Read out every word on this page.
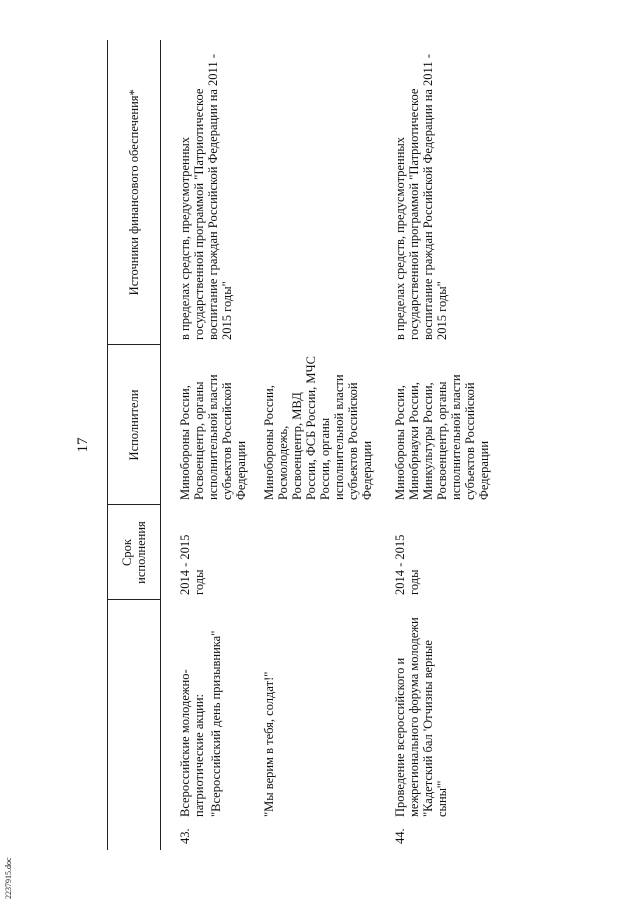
17				
		Срок исполнения	Исполнители	Источники финансового обеспечения*

43.	Всероссийские молодежно-патриотические акции: "Всероссийский день призывника"	2014 - 2015 годы	Минобороны России, Росвоенцентр, органы исполнительной власти субъектов Российской Федерации	в пределах средств, предусмотренных государственной программой "Патриотическое воспитание граждан Российской Федерации на 2011 - 2015 годы"
	"Мы верим в тебя, солдат!"		Минобороны России, Росмолодежь, Росвоенцентр, МВД России, ФСБ России, МЧС России, органы исполнительной власти субъектов Российской Федерации	

44.	Проведение всероссийского и межрегионального форума молодежи "Кадетский бал 'Отчизны верные сыны'"	2014 - 2015 годы	Минобороны России, Минобрнауки России, Минкультуры России, Росвоенцентр, органы исполнительной власти субъектов Российской Федерации	в пределах средств, предусмотренных государственной программой "Патриотическое воспитание граждан Российской Федерации на 2011 - 2015 годы"
2237915.doc
